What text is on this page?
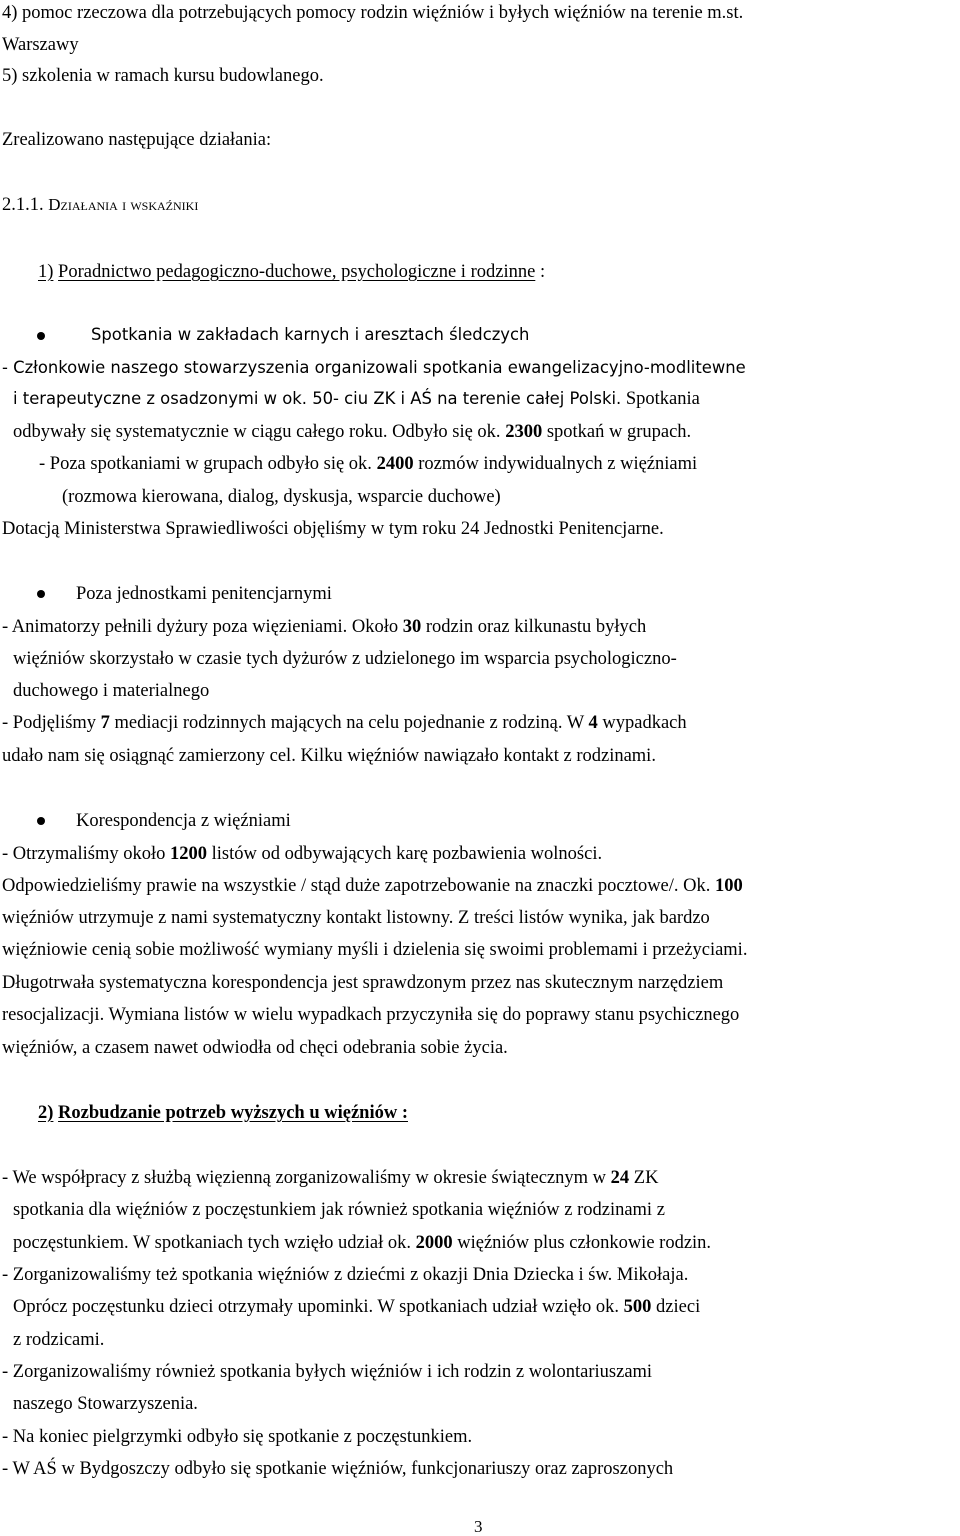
4) pomoc rzeczowa dla potrzebujących pomocy rodzin więźniów i byłych więźniów na terenie m.st.
Warszawy
5) szkolenia w ramach kursu budowlanego.
Zrealizowano następujące działania:
2.1.1. Działania i wskaźniki
1) Poradnictwo pedagogiczno-duchowe, psychologiczne i rodzinne :
Spotkania w zakładach karnych i aresztach śledczych
- Członkowie naszego stowarzyszenia organizowali spotkania ewangelizacyjno-modlitewne
i terapeutyczne z osadzonymi w ok. 50- ciu ZK i AŚ na terenie całej Polski. Spotkania
odbywały się systematycznie w ciągu całego roku. Odbyło się ok. 2300 spotkań w grupach.
- Poza spotkaniami w grupach odbyło się ok. 2400 rozmów indywidualnych z więźniami
(rozmowa kierowana, dialog, dyskusja, wsparcie duchowe)
Dotacją Ministerstwa Sprawiedliwości objęliśmy w tym roku 24 Jednostki Penitencjarne.
Poza jednostkami penitencjarnymi
- Animatorzy pełnili dyżury poza więzieniami. Około 30 rodzin oraz kilkunastu byłych
więźniów skorzystało w czasie tych dyżurów z udzielonego im wsparcia psychologiczno-
duchowego i materialnego
- Podjęliśmy 7 mediacji rodzinnych mających na celu pojednanie z rodziną. W 4 wypadkach
udało nam się osiągnąć zamierzony cel. Kilku więźniów nawiązało kontakt z rodzinami.
Korespondencja z więźniami
- Otrzymaliśmy około 1200 listów od odbywających karę pozbawienia wolności.
Odpowiedzieliśmy prawie na wszystkie / stąd duże zapotrzebowanie na znaczki pocztowe/. Ok. 100
więźniów utrzymuje z nami systematyczny kontakt listowny. Z treści listów wynika, jak bardzo
więźniowie cenią sobie możliwość wymiany myśli i dzielenia się swoimi problemami i przeżyciami.
Długotrwała systematyczna korespondencja jest sprawdzonym przez nas skutecznym narzędziem
resocjalizacji. Wymiana listów w wielu wypadkach przyczyniła się do poprawy stanu psychicznego
więźniów, a czasem nawet odwiodła od chęci odebrania sobie życia.
2) Rozbudzanie potrzeb wyższych u więźniów :
- We współpracy z służbą więzienną zorganizowaliśmy w okresie świątecznym w 24 ZK
spotkania dla więźniów z poczęstunkiem jak również spotkania więźniów z rodzinami z
poczęstunkiem. W spotkaniach tych wzięło udział ok. 2000 więźniów plus członkowie rodzin.
- Zorganizowaliśmy też spotkania więźniów z dziećmi z okazji Dnia Dziecka i św. Mikołaja.
Oprócz poczęstunku dzieci otrzymały upominki. W spotkaniach udział wzięło ok. 500 dzieci
z rodzicami.
- Zorganizowaliśmy również spotkania byłych więźniów i ich rodzin z wolontariuszami
naszego Stowarzyszenia.
- Na koniec pielgrzymki odbyło się spotkanie z poczęstunkiem.
- W AŚ w Bydgoszczy odbyło się spotkanie więźniów, funkcjonariuszy oraz zaproszonych
3
